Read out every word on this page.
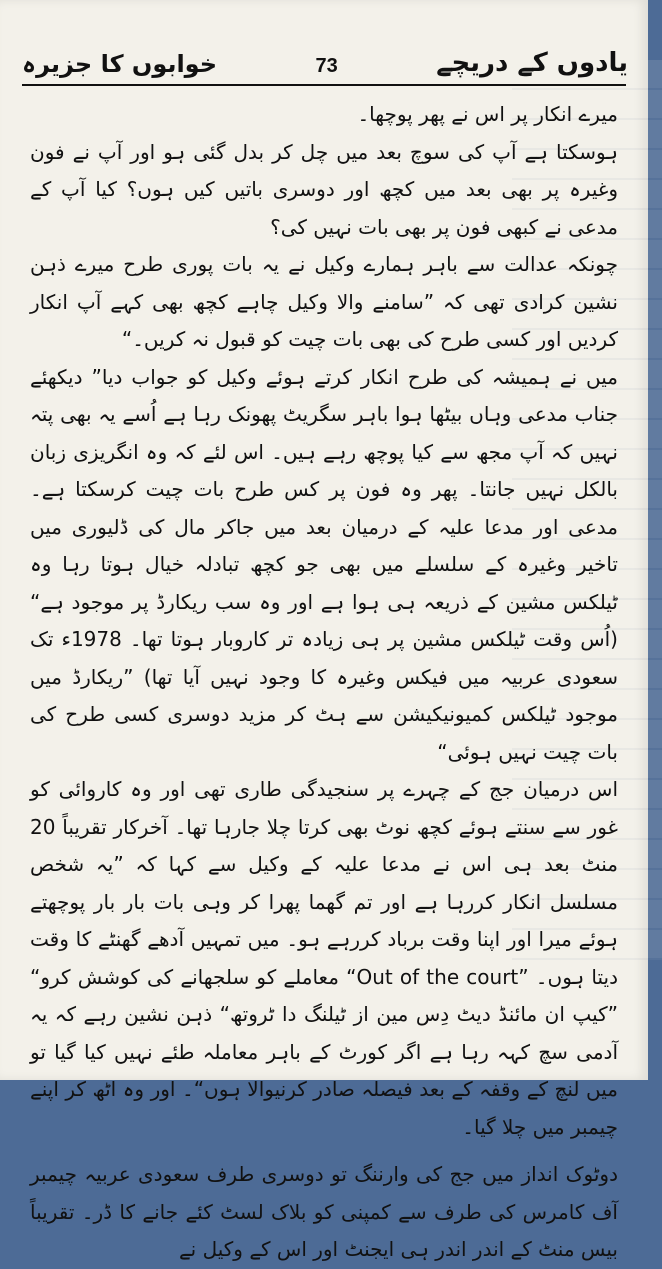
خوابوں کا جزیرہ	73	یادوں کے دریچے

میرے انکار پر اس نے پھر پوچھا۔

ہوسکتا ہے آپ کی سوچ بعد میں چل کر بدل گئی ہو اور آپ نے فون وغیرہ پر بھی بعد میں کچھ اور دوسری باتیں کیں ہوں؟ کیا آپ کے مدعی نے کبھی فون پر بھی بات نہیں کی؟

چونکہ عدالت سے باہر ہمارے وکیل نے یہ بات پوری طرح میرے ذہن نشین کرادی تھی کہ ”سامنے والا وکیل چاہے کچھ بھی کہے آپ انکار کردیں اور کسی طرح کی بھی بات چیت کو قبول نہ کریں۔“

میں نے ہمیشہ کی طرح انکار کرتے ہوئے وکیل کو جواب دیا” دیکھئے جناب مدعی وہاں بیٹھا ہوا باہر سگریٹ پھونک رہا ہے اُسے یہ بھی پتہ نہیں کہ آپ مجھ سے کیا پوچھ رہے ہیں۔ اس لئے کہ وہ انگریزی زبان بالکل نہیں جانتا۔ پھر وہ فون پر کس طرح بات چیت کرسکتا ہے۔ مدعی اور مدعا علیہ کے درمیان بعد میں جاکر مال کی ڈلیوری میں تاخیر وغیرہ کے سلسلے میں بھی جو کچھ تبادلہ خیال ہوتا رہا وہ ٹیلکس مشین کے ذریعہ ہی ہوا ہے اور وہ سب ریکارڈ پر موجود ہے“ (اُس وقت ٹیلکس مشین پر ہی زیادہ تر کاروبار ہوتا تھا۔ 1978ء تک سعودی عربیہ میں فیکس وغیرہ کا وجود نہیں آیا تھا) ”ریکارڈ میں موجود ٹیلکس کمیونیکیشن سے ہٹ کر مزید دوسری کسی طرح کی بات چیت نہیں ہوئی“

اس درمیان جج کے چہرے پر سنجیدگی طاری تھی اور وہ کاروائی کو غور سے سنتے ہوئے کچھ نوٹ بھی کرتا چلا جارہا تھا۔ آخرکار تقریباً 20 منٹ بعد ہی اس نے مدعا علیہ کے وکیل سے کہا کہ ”یہ شخص مسلسل انکار کررہا ہے اور تم گھما پھرا کر وہی بات بار بار پوچھتے ہوئے میرا اور اپنا وقت برباد کررہے ہو۔ میں تمہیں آدھے گھنٹے کا وقت دیتا ہوں۔ ”Out of the court“ معاملے کو سلجھانے کی کوشش کرو“ ”کیپ ان مائنڈ دیٹ دِس مین از ٹیلنگ دا ٹروتھ“ ذہن نشین رہے کہ یہ آدمی سچ کہہ رہا ہے اگر کورٹ کے باہر معاملہ طئے نہیں کیا گیا تو میں لنچ کے وقفہ کے بعد فیصلہ صادر کرنیوالا ہوں“۔ اور وہ اٹھ کر اپنے چیمبر میں چلا گیا۔

دوٹوک انداز میں جج کی وارننگ تو دوسری طرف سعودی عربیہ چیمبر آف کامرس کی طرف سے کمپنی کو بلاک لسٹ کئے جانے کا ڈر۔ تقریباً بیس منٹ کے اندر اندر ہی ایجنٹ اور اس کے وکیل نے
